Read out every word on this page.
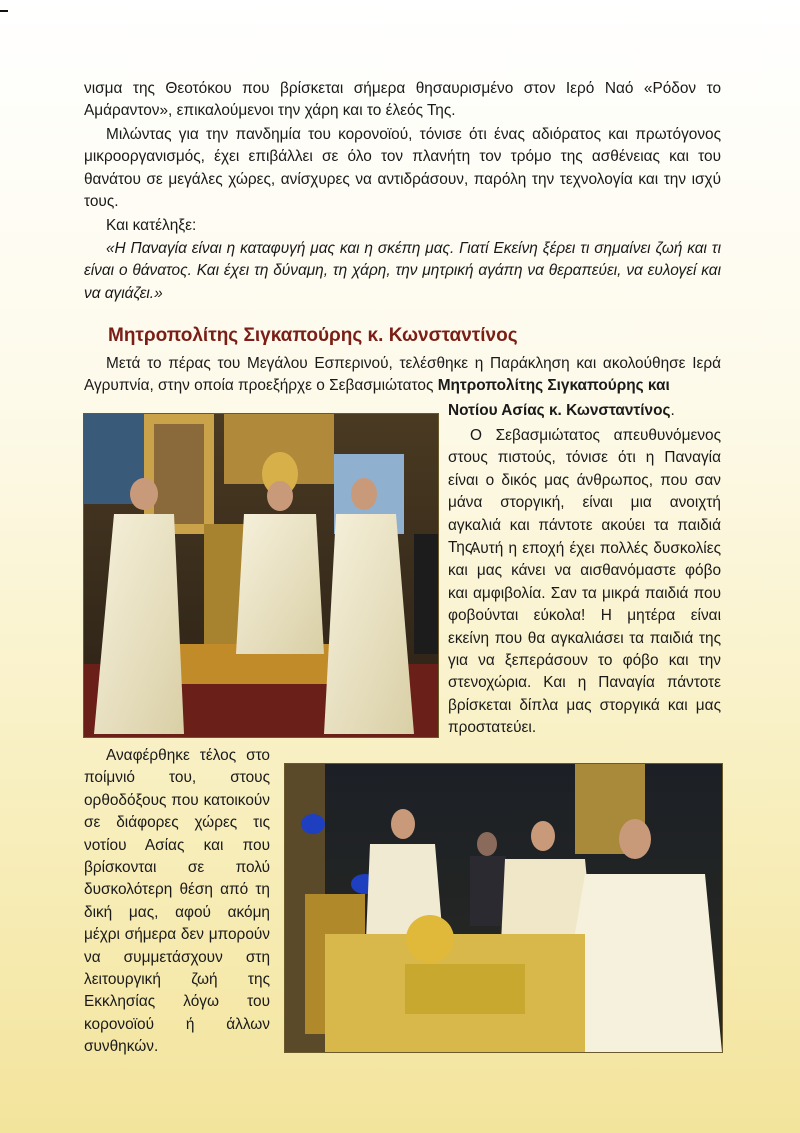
νισμα της Θεοτόκου που βρίσκεται σήμερα θησαυρισμένο στον Ιερό Ναό «Ρόδον το Αμάραντον», επικαλούμενοι την χάρη και το έλεός Της.

Μιλώντας για την πανδημία του κορονοϊού, τόνισε ότι ένας αδιόρατος και πρωτόγονος μικροοργανισμός, έχει επιβάλλει σε όλο τον πλανήτη τον τρόμο της ασθένειας και του θανάτου σε μεγάλες χώρες, ανίσχυρες να αντιδράσουν, παρόλη την τεχνολογία και την ισχύ τους.

Και κατέληξε:

«Η Παναγία είναι η καταφυγή μας και η σκέπη μας. Γιατί Εκείνη ξέρει τι σημαίνει ζωή και τι είναι ο θάνατος. Και έχει τη δύναμη, τη χάρη, την μητρική αγάπη να θεραπεύει, να ευλογεί και να αγιάζει.»

Μητροπολίτης Σιγκαπούρης κ. Κωνσταντίνος

Μετά το πέρας του Μεγάλου Εσπερινού, τελέσθηκε η Παράκληση και ακολούθησε Ιερά Αγρυπνία, στην οποία προεξήρχε ο Σεβασμιώτατος Μητροπολίτης Σιγκαπούρης και

Νοτίου Ασίας κ. Κωνσταντίνος.

Ο Σεβασμιώτατος απευθυνόμενος στους πιστούς, τόνισε ότι η Παναγία είναι ο δικός μας άνθρωπος, που σαν μάνα στοργική, είναι μια ανοιχτή αγκαλιά και πάντοτε ακούει τα παιδιά Της.

Αυτή η εποχή έχει πολλές δυσκολίες και μας κάνει να αισθανόμαστε φόβο και αμφιβολία. Σαν τα μικρά παιδιά που φοβούνται εύκολα! Η μητέρα είναι εκείνη που θα αγκαλιάσει τα παιδιά της για να ξεπεράσουν το φόβο και την στενοχώρια. Και η Παναγία πάντοτε βρίσκεται δίπλα μας στοργικά και μας προστατεύει.

Αναφέρθηκε τέλος στο ποίμνιό του, στους ορθοδόξους που κατοικούν σε διάφορες χώρες τις νοτίου Ασίας και που βρίσκονται σε πολύ δυσκολότερη θέση από τη δική μας, αφού ακόμη μέχρι σήμερα δεν μπορούν να συμμετάσχουν στη λειτουργική ζωή της Εκκλησίας λόγω του κορονοϊού ή άλλων συνθηκών.
